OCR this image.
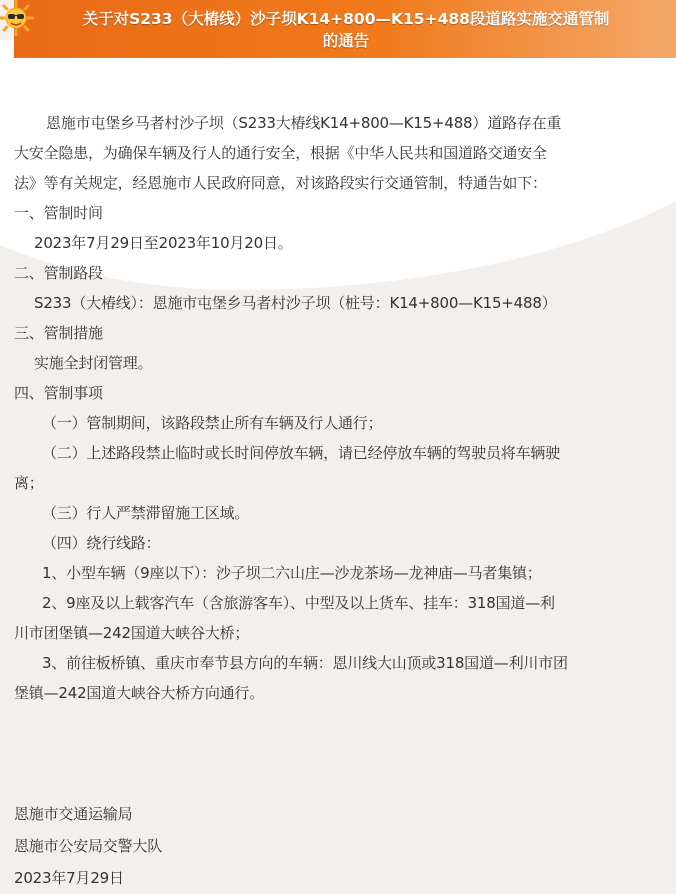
关于对S233（大椿线）沙子坝K14+800—K15+488段道路实施交通管制
的通告

恩施市屯堡乡马者村沙子坝（S233大椿线K14+800—K15+488）道路存在重

大安全隐患，为确保车辆及行人的通行安全，根据《中华人民共和国道路交通安全

法》等有关规定，经恩施市人民政府同意，对该路段实行交通管制，特通告如下：

一、管制时间

2023年7月29日至2023年10月20日。

二、管制路段

S233（大椿线）：恩施市屯堡乡马者村沙子坝（桩号：K14+800—K15+488）

三、管制措施

实施全封闭管理。

四、管制事项

（一）管制期间，该路段禁止所有车辆及行人通行；

（二）上述路段禁止临时或长时间停放车辆，请已经停放车辆的驾驶员将车辆驶

离；

（三）行人严禁滞留施工区域。

（四）绕行线路：

1、小型车辆（9座以下）：沙子坝二六山庄—沙龙茶场—龙神庙—马者集镇；

2、9座及以上载客汽车（含旅游客车）、中型及以上货车、挂车：318国道—利

川市团堡镇—242国道大峡谷大桥；

3、前往板桥镇、重庆市奉节县方向的车辆：恩川线大山顶或318国道—利川市团

堡镇—242国道大峡谷大桥方向通行。

恩施市交通运输局

恩施市公安局交警大队

2023年7月29日
